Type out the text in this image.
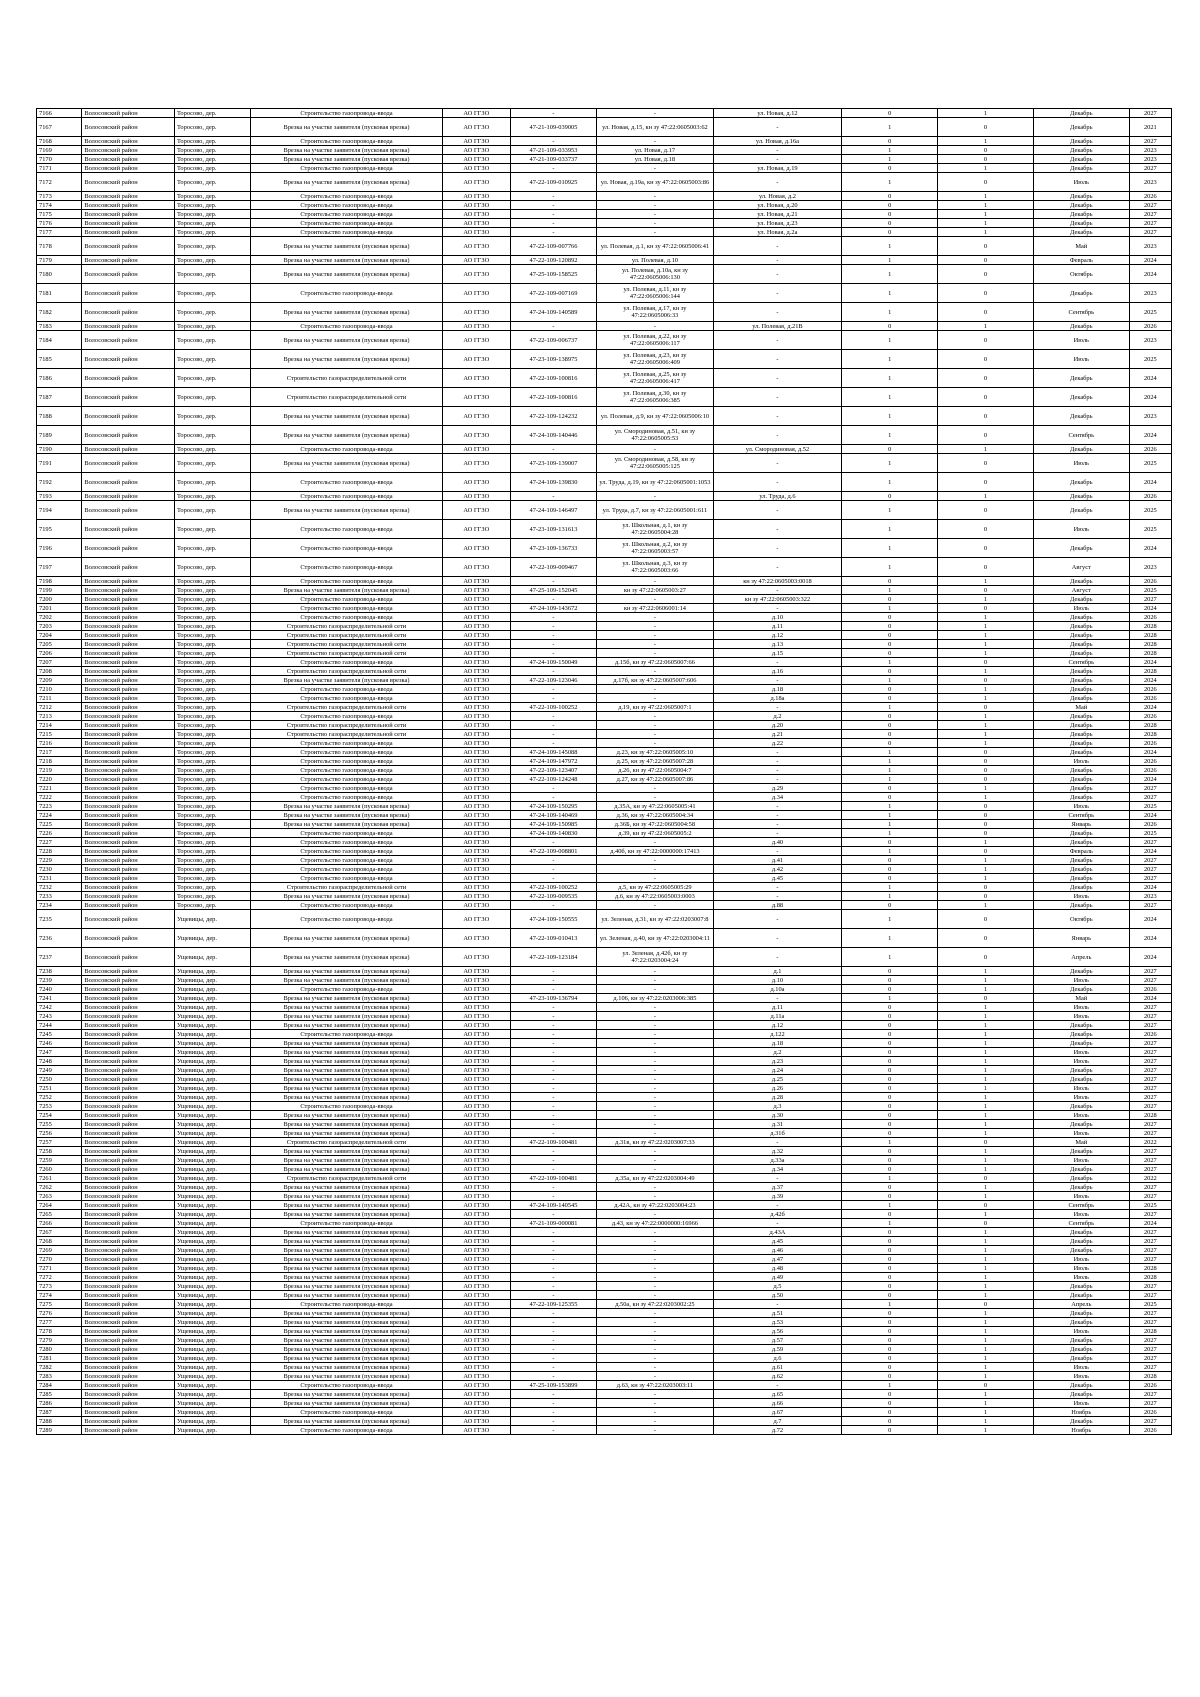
7166	Волосовский район	Торосово, дер.	Строительство газопровода-ввода	АО ГГЗО	-	-	ул. Новая, д.12	0	1	Декабрь	2027
7167	Волосовский район	Торосово, дер.	Врезка на участке заявителя (пусковая врезка)	АО ГГЗО	47-21-109-039005	ул. Новая, д.15, кн зу 47:22:0605003:62	-	1	0	Декабрь	2021
7168	Волосовский район	Торосово, дер.	Строительство газопровода-ввода	АО ГГЗО	-	-	ул. Новая, д.16а	0	1	Декабрь	2027
7169	Волосовский район	Торосово, дер.	Врезка на участке заявителя (пусковая врезка)	АО ГГЗО	47-21-109-033953	ул. Новая, д.17	-	1	0	Декабрь	2023
7170	Волосовский район	Торосово, дер.	Врезка на участке заявителя (пусковая врезка)	АО ГГЗО	47-21-109-033737	ул. Новая, д.18	-	1	0	Декабрь	2023
7171	Волосовский район	Торосово, дер.	Строительство газопровода-ввода	АО ГГЗО	-	-	ул. Новая, д.19	0	1	Декабрь	2027
7172	Волосовский район	Торосово, дер.	Врезка на участке заявителя (пусковая врезка)	АО ГГЗО	47-22-109-010925	ул. Новая, д.19а, кн зу 47:22:0605003:86	-	1	0	Июль	2023
7173	Волосовский район	Торосово, дер.	Строительство газопровода-ввода	АО ГГЗО	-	-	ул. Новая, д.2	0	1	Декабрь	2026
7174	Волосовский район	Торосово, дер.	Строительство газопровода-ввода	АО ГГЗО	-	-	ул. Новая, д.20	0	1	Декабрь	2027
7175	Волосовский район	Торосово, дер.	Строительство газопровода-ввода	АО ГГЗО	-	-	ул. Новая, д.21	0	1	Декабрь	2027
7176	Волосовский район	Торосово, дер.	Строительство газопровода-ввода	АО ГГЗО	-	-	ул. Новая, д.23	0	1	Декабрь	2027
7177	Волосовский район	Торосово, дер.	Строительство газопровода-ввода	АО ГГЗО	-	-	ул. Новая, д.2а	0	1	Декабрь	2027
7178	Волосовский район	Торосово, дер.	Врезка на участке заявителя (пусковая врезка)	АО ГГЗО	47-22-109-007766	ул. Полевая, д.1, кн зу 47:22:0605006:41	-	1	0	Май	2023
7179	Волосовский район	Торосово, дер.	Врезка на участке заявителя (пусковая врезка)	АО ГГЗО	47-22-109-120892	ул. Полевая, д.10	-	1	0	Февраль	2024
7180	Волосовский район	Торосово, дер.	Врезка на участке заявителя (пусковая врезка)	АО ГГЗО	47-25-109-158525	ул. Полевая, д.10а, кн зу 47:22:0605006:130	-	1	0	Октябрь	2024
7181	Волосовский район	Торосово, дер.	Строительство газопровода-ввода	АО ГГЗО	47-22-109-007169	ул. Полевая, д.11, кн зу 47:22:0605006:144	-	1	0	Декабрь	2023
7182	Волосовский район	Торосово, дер.	Врезка на участке заявителя (пусковая врезка)	АО ГГЗО	47-24-109-140589	ул. Полевая, д.17, кн зу 47:22:0605006:33	-	1	0	Сентябрь	2025
7183	Волосовский район	Торосово, дер.	Строительство газопровода-ввода	АО ГГЗО	-	-	ул. Полевая, д.21В	0	1	Декабрь	2026
7184	Волосовский район	Торосово, дер.	Врезка на участке заявителя (пусковая врезка)	АО ГГЗО	47-22-109-006737	ул. Полевая, д.22, кн зу 47:22:0605006:117	-	1	0	Июль	2023
7185	Волосовский район	Торосово, дер.	Врезка на участке заявителя (пусковая врезка)	АО ГГЗО	47-23-109-138975	ул. Полевая, д.23, кн зу 47:22:0605006:409	-	1	0	Июль	2025
7186	Волосовский район	Торосово, дер.	Строительство газораспределительной сети	АО ГГЗО	47-22-109-100816	ул. Полевая, д.25, кн зу 47:22:0605006:417	-	1	0	Декабрь	2024
7187	Волосовский район	Торосово, дер.	Строительство газораспределительной сети	АО ГГЗО	47-22-109-100816	ул. Полевая, д.30, кн зу 47:22:0605006:385	-	1	0	Декабрь	2024
7188	Волосовский район	Торосово, дер.	Врезка на участке заявителя (пусковая врезка)	АО ГГЗО	47-22-109-124232	ул. Полевая, д.9, кн зу 47:22:0605006:10	-	1	0	Декабрь	2023
7189	Волосовский район	Торосово, дер.	Врезка на участке заявителя (пусковая врезка)	АО ГГЗО	47-24-109-140446	ул. Смородиновая, д.51, кн зу 47:22:0605005:53	-	1	0	Сентябрь	2024
7190	Волосовский район	Торосово, дер.	Строительство газопровода-ввода	АО ГГЗО	-	-	ул. Смородиновая, д.52	0	1	Декабрь	2026
7191	Волосовский район	Торосово, дер.	Врезка на участке заявителя (пусковая врезка)	АО ГГЗО	47-23-109-139007	ул. Смородиновая, д.58, кн зу 47:22:0605005:125	-	1	0	Июль	2025
7192	Волосовский район	Торосово, дер.	Строительство газопровода-ввода	АО ГГЗО	47-24-109-139830	ул. Труда, д.19, кн зу 47:22:0605001:1053	-	1	0	Декабрь	2024
7193	Волосовский район	Торосово, дер.	Строительство газопровода-ввода	АО ГГЗО	-	-	ул. Труда, д.6	0	1	Декабрь	2026
7194	Волосовский район	Торосово, дер.	Врезка на участке заявителя (пусковая врезка)	АО ГГЗО	47-24-109-146497	ул. Труда, д.7, кн зу 47:22:0605001:611	-	1	0	Декабрь	2025
7195	Волосовский район	Торосово, дер.	Строительство газопровода-ввода	АО ГГЗО	47-23-109-131613	ул. Школьная, д.1, кн зу 47:22:0605004:28	-	1	0	Июль	2025
7196	Волосовский район	Торосово, дер.	Строительство газопровода-ввода	АО ГГЗО	47-23-109-136733	ул. Школьная, д.2, кн зу 47:22:0605003:57	-	1	0	Декабрь	2024
7197	Волосовский район	Торосово, дер.	Строительство газопровода-ввода	АО ГГЗО	47-22-109-009467	ул. Школьная, д.3, кн зу 47:22:0605003:66	-	1	0	Август	2023
7198	Волосовский район	Торосово, дер.	Строительство газопровода-ввода	АО ГГЗО	-	-	кн зу 47:22:0605003:0018	0	1	Декабрь	2026
7199	Волосовский район	Торосово, дер.	Врезка на участке заявителя (пусковая врезка)	АО ГГЗО	47-25-109-152045	кн зу 47:22:0605003:27	-	1	0	Август	2025
7200	Волосовский район	Торосово, дер.	Строительство газопровода-ввода	АО ГГЗО	-	-	кн зу 47:22:0605003:322	0	1	Декабрь	2027
7201	Волосовский район	Торосово, дер.	Строительство газопровода-ввода	АО ГГЗО	47-24-109-143672	кн зу 47:22:0606001:14	-	1	0	Июль	2024
7202	Волосовский район	Торосово, дер.	Строительство газопровода-ввода	АО ГГЗО	-	-	д.10	0	1	Декабрь	2026
7203	Волосовский район	Торосово, дер.	Строительство газораспределительной сети	АО ГГЗО	-	-	д.11	0	1	Декабрь	2028
7204	Волосовский район	Торосово, дер.	Строительство газораспределительной сети	АО ГГЗО	-	-	д.12	0	1	Декабрь	2028
7205	Волосовский район	Торосово, дер.	Строительство газораспределительной сети	АО ГГЗО	-	-	д.13	0	1	Декабрь	2028
7206	Волосовский район	Торосово, дер.	Строительство газораспределительной сети	АО ГГЗО	-	-	д.15	0	1	Декабрь	2028
7207	Волосовский район	Торосово, дер.	Строительство газопровода-ввода	АО ГГЗО	47-24-109-150049	д.15б, кн зу 47:22:0605007:66	-	1	0	Сентябрь	2024
7208	Волосовский район	Торосово, дер.	Строительство газораспределительной сети	АО ГГЗО	-	-	д.16	0	1	Декабрь	2028
7209	Волосовский район	Торосово, дер.	Врезка на участке заявителя (пусковая врезка)	АО ГГЗО	47-22-109-123046	д.17б, кн зу 47:22:0605007:606	-	1	0	Декабрь	2024
7210	Волосовский район	Торосово, дер.	Строительство газопровода-ввода	АО ГГЗО	-	-	д.18	0	1	Декабрь	2026
7211	Волосовский район	Торосово, дер.	Строительство газопровода-ввода	АО ГГЗО	-	-	д.18а	0	1	Декабрь	2026
7212	Волосовский район	Торосово, дер.	Строительство газораспределительной сети	АО ГГЗО	47-22-109-100252	д.19, кн зу 47:22:0605007:1	-	1	0	Май	2024
7213	Волосовский район	Торосово, дер.	Строительство газопровода-ввода	АО ГГЗО	-	-	д.2	0	1	Декабрь	2026
7214	Волосовский район	Торосово, дер.	Строительство газораспределительной сети	АО ГГЗО	-	-	д.20	0	1	Декабрь	2028
7215	Волосовский район	Торосово, дер.	Строительство газораспределительной сети	АО ГГЗО	-	-	д.21	0	1	Декабрь	2028
7216	Волосовский район	Торосово, дер.	Строительство газопровода-ввода	АО ГГЗО	-	-	д.22	0	1	Декабрь	2026
7217	Волосовский район	Торосово, дер.	Строительство газопровода-ввода	АО ГГЗО	47-24-109-145088	д.23, кн зу 47:22:0605005:10	-	1	0	Декабрь	2024
7218	Волосовский район	Торосово, дер.	Строительство газопровода-ввода	АО ГГЗО	47-24-109-147972	д.25, кн зу 47:22:0605007:28	-	1	0	Июль	2026
7219	Волосовский район	Торосово, дер.	Строительство газопровода-ввода	АО ГГЗО	47-22-109-123407	д.26, кн зу 47:22:0605004:7	-	1	0	Декабрь	2026
7220	Волосовский район	Торосово, дер.	Строительство газопровода-ввода	АО ГГЗО	47-22-109-124248	д.27, кн зу 47:22:0605007:86	-	1	0	Декабрь	2024
7221	Волосовский район	Торосово, дер.	Строительство газопровода-ввода	АО ГГЗО	-	-	д.29	0	1	Декабрь	2027
7222	Волосовский район	Торосово, дер.	Строительство газопровода-ввода	АО ГГЗО	-	-	д.34	0	1	Декабрь	2027
7223	Волосовский район	Торосово, дер.	Врезка на участке заявителя (пусковая врезка)	АО ГГЗО	47-24-109-150295	д.35А, кн зу 47:22:0605005:41	-	1	0	Июль	2025
7224	Волосовский район	Торосово, дер.	Врезка на участке заявителя (пусковая врезка)	АО ГГЗО	47-24-109-140469	д.36, кн зу 47:22:0605004:34	-	1	0	Сентябрь	2024
7225	Волосовский район	Торосово, дер.	Врезка на участке заявителя (пусковая врезка)	АО ГГЗО	47-24-109-150985	д.36Б, кн зу 47:22:0605004:58	-	1	0	Январь	2026
7226	Волосовский район	Торосово, дер.	Строительство газопровода-ввода	АО ГГЗО	47-24-109-140830	д.39, кн зу 47:22:0605005:2	-	1	0	Декабрь	2025
7227	Волосовский район	Торосово, дер.	Строительство газопровода-ввода	АО ГГЗО	-	-	д.40	0	1	Декабрь	2027
7228	Волосовский район	Торосово, дер.	Строительство газопровода-ввода	АО ГГЗО	47-22-109-008801	д.40б, кн зу 47:22:0000000:17413	-	1	0	Февраль	2024
7229	Волосовский район	Торосово, дер.	Строительство газопровода-ввода	АО ГГЗО	-	-	д.41	0	1	Декабрь	2027
7230	Волосовский район	Торосово, дер.	Строительство газопровода-ввода	АО ГГЗО	-	-	д.42	0	1	Декабрь	2027
7231	Волосовский район	Торосово, дер.	Строительство газопровода-ввода	АО ГГЗО	-	-	д.45	0	1	Декабрь	2027
7232	Волосовский район	Торосово, дер.	Строительство газораспределительной сети	АО ГГЗО	47-22-109-100252	д.5, кн зу 47:22:0605005:29	-	1	0	Декабрь	2024
7233	Волосовский район	Торосово, дер.	Врезка на участке заявителя (пусковая врезка)	АО ГГЗО	47-22-109-009535	д.6, кн зу 47:22:0605003:0003	-	1	0	Июль	2023
7234	Волосовский район	Торосово, дер.	Строительство газопровода-ввода	АО ГГЗО	-	-	д.88	0	1	Декабрь	2027
7235	Волосовский район	Ущевицы, дер.	Строительство газопровода-ввода	АО ГГЗО	47-24-109-150555	ул. Зеленая, д.31, кн зу 47:22:0203007:8	-	1	0	Октябрь	2024
7236	Волосовский район	Ущевицы, дер.	Врезка на участке заявителя (пусковая врезка)	АО ГГЗО	47-22-109-010413	ул. Зеленая, д.40, кн зу 47:22:0203004:11	-	1	0	Январь	2024
7237	Волосовский район	Ущевицы, дер.	Врезка на участке заявителя (пусковая врезка)	АО ГГЗО	47-22-109-123184	ул. Зеленая, д.42б, кн зу 47:22:0203004:24	-	1	0	Апрель	2024
7238	Волосовский район	Ущевицы, дер.	Врезка на участке заявителя (пусковая врезка)	АО ГГЗО	-	-	д.1	0	1	Декабрь	2027
7239	Волосовский район	Ущевицы, дер.	Врезка на участке заявителя (пусковая врезка)	АО ГГЗО	-	-	д.10	0	1	Июль	2027
7240	Волосовский район	Ущевицы, дер.	Строительство газопровода-ввода	АО ГГЗО	-	-	д.10а	0	1	Декабрь	2026
7241	Волосовский район	Ущевицы, дер.	Врезка на участке заявителя (пусковая врезка)	АО ГГЗО	47-23-109-136794	д.106, кн зу 47:22:0203006:385	-	1	0	Май	2024
7242	Волосовский район	Ущевицы, дер.	Врезка на участке заявителя (пусковая врезка)	АО ГГЗО	-	-	д.11	0	1	Июль	2027
7243	Волосовский район	Ущевицы, дер.	Врезка на участке заявителя (пусковая врезка)	АО ГГЗО	-	-	д.11а	0	1	Июль	2027
7244	Волосовский район	Ущевицы, дер.	Врезка на участке заявителя (пусковая врезка)	АО ГГЗО	-	-	д.12	0	1	Декабрь	2027
7245	Волосовский район	Ущевицы, дер.	Строительство газопровода-ввода	АО ГГЗО	-	-	д.122	0	1	Декабрь	2026
7246	Волосовский район	Ущевицы, дер.	Врезка на участке заявителя (пусковая врезка)	АО ГГЗО	-	-	д.18	0	1	Декабрь	2027
7247	Волосовский район	Ущевицы, дер.	Врезка на участке заявителя (пусковая врезка)	АО ГГЗО	-	-	д.2	0	1	Июль	2027
7248	Волосовский район	Ущевицы, дер.	Врезка на участке заявителя (пусковая врезка)	АО ГГЗО	-	-	д.23	0	1	Июль	2027
7249	Волосовский район	Ущевицы, дер.	Врезка на участке заявителя (пусковая врезка)	АО ГГЗО	-	-	д.24	0	1	Декабрь	2027
7250	Волосовский район	Ущевицы, дер.	Врезка на участке заявителя (пусковая врезка)	АО ГГЗО	-	-	д.25	0	1	Декабрь	2027
7251	Волосовский район	Ущевицы, дер.	Врезка на участке заявителя (пусковая врезка)	АО ГГЗО	-	-	д.26	0	1	Июль	2027
7252	Волосовский район	Ущевицы, дер.	Врезка на участке заявителя (пусковая врезка)	АО ГГЗО	-	-	д.28	0	1	Июль	2027
7253	Волосовский район	Ущевицы, дер.	Строительство газопровода-ввода	АО ГГЗО	-	-	д.3	0	1	Декабрь	2027
7254	Волосовский район	Ущевицы, дер.	Врезка на участке заявителя (пусковая врезка)	АО ГГЗО	-	-	д.30	0	1	Июль	2028
7255	Волосовский район	Ущевицы, дер.	Врезка на участке заявителя (пусковая врезка)	АО ГГЗО	-	-	д.31	0	1	Декабрь	2027
7256	Волосовский район	Ущевицы, дер.	Врезка на участке заявителя (пусковая врезка)	АО ГГЗО	-	-	д.31б	0	1	Июль	2027
7257	Волосовский район	Ущевицы, дер.	Строительство газораспределительной сети	АО ГГЗО	47-22-109-100481	д.31в, кн зу 47:22:0203007:33	-	1	0	Май	2022
7258	Волосовский район	Ущевицы, дер.	Врезка на участке заявителя (пусковая врезка)	АО ГГЗО	-	-	д.32	0	1	Декабрь	2027
7259	Волосовский район	Ущевицы, дер.	Врезка на участке заявителя (пусковая врезка)	АО ГГЗО	-	-	д.33а	0	1	Июль	2027
7260	Волосовский район	Ущевицы, дер.	Врезка на участке заявителя (пусковая врезка)	АО ГГЗО	-	-	д.34	0	1	Декабрь	2027
7261	Волосовский район	Ущевицы, дер.	Строительство газораспределительной сети	АО ГГЗО	47-22-109-100481	д.35а, кн зу 47:22:0203004:49	-	1	0	Декабрь	2022
7262	Волосовский район	Ущевицы, дер.	Врезка на участке заявителя (пусковая врезка)	АО ГГЗО	-	-	д.37	0	1	Декабрь	2027
7263	Волосовский район	Ущевицы, дер.	Врезка на участке заявителя (пусковая врезка)	АО ГГЗО	-	-	д.39	0	1	Июль	2027
7264	Волосовский район	Ущевицы, дер.	Врезка на участке заявителя (пусковая врезка)	АО ГГЗО	47-24-109-140545	д.42А, кн зу 47:22:0203004:23	-	1	0	Сентябрь	2025
7265	Волосовский район	Ущевицы, дер.	Врезка на участке заявителя (пусковая врезка)	АО ГГЗО	-	-	д.42б	0	1	Июль	2027
7266	Волосовский район	Ущевицы, дер.	Строительство газопровода-ввода	АО ГГЗО	47-21-109-000081	д.43, кн зу 47:22:0000000:16966	-	1	0	Сентябрь	2024
7267	Волосовский район	Ущевицы, дер.	Врезка на участке заявителя (пусковая врезка)	АО ГГЗО	-	-	д.43А	0	1	Декабрь	2027
7268	Волосовский район	Ущевицы, дер.	Врезка на участке заявителя (пусковая врезка)	АО ГГЗО	-	-	д.45	0	1	Декабрь	2027
7269	Волосовский район	Ущевицы, дер.	Врезка на участке заявителя (пусковая врезка)	АО ГГЗО	-	-	д.46	0	1	Декабрь	2027
7270	Волосовский район	Ущевицы, дер.	Врезка на участке заявителя (пусковая врезка)	АО ГГЗО	-	-	д.47	0	1	Июль	2027
7271	Волосовский район	Ущевицы, дер.	Врезка на участке заявителя (пусковая врезка)	АО ГГЗО	-	-	д.48	0	1	Июль	2028
7272	Волосовский район	Ущевицы, дер.	Врезка на участке заявителя (пусковая врезка)	АО ГГЗО	-	-	д.49	0	1	Июль	2028
7273	Волосовский район	Ущевицы, дер.	Врезка на участке заявителя (пусковая врезка)	АО ГГЗО	-	-	д.5	0	1	Декабрь	2027
7274	Волосовский район	Ущевицы, дер.	Врезка на участке заявителя (пусковая врезка)	АО ГГЗО	-	-	д.50	0	1	Декабрь	2027
7275	Волосовский район	Ущевицы, дер.	Строительство газопровода-ввода	АО ГГЗО	47-22-109-125355	д.50а, кн зу 47:22:0203002:25	-	1	0	Апрель	2025
7276	Волосовский район	Ущевицы, дер.	Врезка на участке заявителя (пусковая врезка)	АО ГГЗО	-	-	д.51	0	1	Декабрь	2027
7277	Волосовский район	Ущевицы, дер.	Врезка на участке заявителя (пусковая врезка)	АО ГГЗО	-	-	д.53	0	1	Декабрь	2027
7278	Волосовский район	Ущевицы, дер.	Врезка на участке заявителя (пусковая врезка)	АО ГГЗО	-	-	д.56	0	1	Июль	2028
7279	Волосовский район	Ущевицы, дер.	Врезка на участке заявителя (пусковая врезка)	АО ГГЗО	-	-	д.57	0	1	Декабрь	2027
7280	Волосовский район	Ущевицы, дер.	Врезка на участке заявителя (пусковая врезка)	АО ГГЗО	-	-	д.59	0	1	Декабрь	2027
7281	Волосовский район	Ущевицы, дер.	Врезка на участке заявителя (пусковая врезка)	АО ГГЗО	-	-	д.6	0	1	Декабрь	2027
7282	Волосовский район	Ущевицы, дер.	Врезка на участке заявителя (пусковая врезка)	АО ГГЗО	-	-	д.61	0	1	Июль	2027
7283	Волосовский район	Ущевицы, дер.	Врезка на участке заявителя (пусковая врезка)	АО ГГЗО	-	-	д.62	0	1	Июль	2028
7284	Волосовский район	Ущевицы, дер.	Строительство газопровода-ввода	АО ГГЗО	47-25-109-153899	д.63, кн зу 47:22:0203003:11	-	1	0	Декабрь	2026
7285	Волосовский район	Ущевицы, дер.	Врезка на участке заявителя (пусковая врезка)	АО ГГЗО	-	-	д.65	0	1	Декабрь	2027
7286	Волосовский район	Ущевицы, дер.	Врезка на участке заявителя (пусковая врезка)	АО ГГЗО	-	-	д.66	0	1	Июль	2027
7287	Волосовский район	Ущевицы, дер.	Строительство газопровода-ввода	АО ГГЗО	-	-	д.67	0	1	Ноябрь	2026
7288	Волосовский район	Ущевицы, дер.	Врезка на участке заявителя (пусковая врезка)	АО ГГЗО	-	-	д.7	0	1	Декабрь	2027
7289	Волосовский район	Ущевицы, дер.	Строительство газопровода-ввода	АО ГГЗО	-	-	д.72	0	1	Ноябрь	2026
